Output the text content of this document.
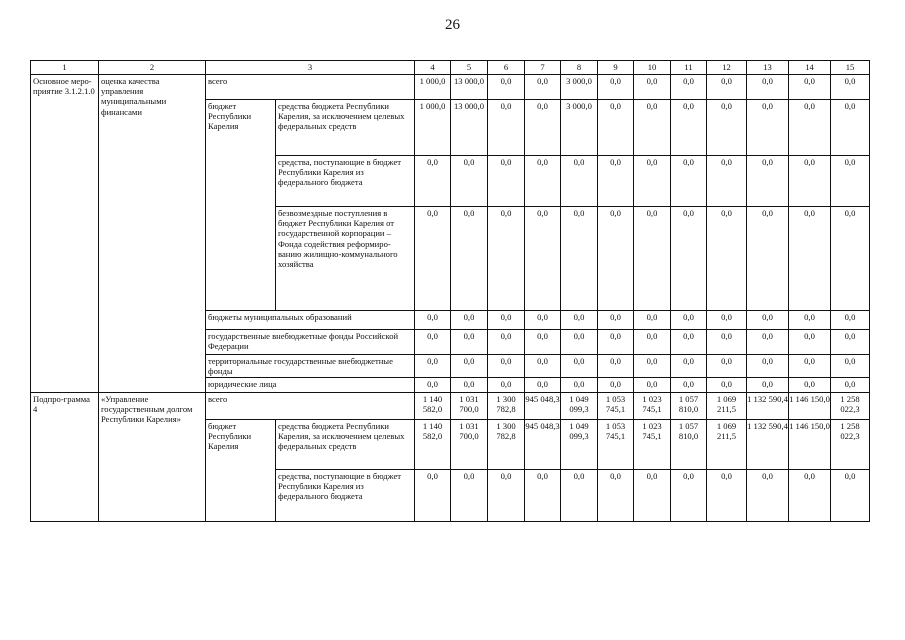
26
1	2	3		4	5	6	7	8	9	10	11	12	13	14	15
Основное меро-приятие 3.1.2.1.0	оценка качества управления муниципальными финансами	всего		1 000,0	13 000,0	0,0	0,0	3 000,0	0,0	0,0	0,0	0,0	0,0	0,0	0,0
		бюджет Республики Карелия	средства бюджета Республики Карелия, за исключением целевых федеральных средств	1 000,0	13 000,0	0,0	0,0	3 000,0	0,0	0,0	0,0	0,0	0,0	0,0	0,0
			средства, поступающие в бюджет Республики Карелия из федерального бюджета	0,0	0,0	0,0	0,0	0,0	0,0	0,0	0,0	0,0	0,0	0,0	0,0
			безвозмездные поступления в бюджет Республики Карелия от государственной корпорации – Фонда содействия реформиро-ванию жилищно-коммунального хозяйства	0,0	0,0	0,0	0,0	0,0	0,0	0,0	0,0	0,0	0,0	0,0	0,0
		бюджеты муниципальных образований		0,0	0,0	0,0	0,0	0,0	0,0	0,0	0,0	0,0	0,0	0,0	0,0
		государственные внебюджетные фонды Российской Федерации		0,0	0,0	0,0	0,0	0,0	0,0	0,0	0,0	0,0	0,0	0,0	0,0
		территориальные государственные внебюджетные фонды		0,0	0,0	0,0	0,0	0,0	0,0	0,0	0,0	0,0	0,0	0,0	0,0
		юридические лица		0,0	0,0	0,0	0,0	0,0	0,0	0,0	0,0	0,0	0,0	0,0	0,0
Подпро-грамма 4	«Управление государственным долгом Республики Карелия»	всего		1 140 582,0	1 031 700,0	1 300 782,8	945 048,3	1 049 099,3	1 053 745,1	1 023 745,1	1 057 810,0	1 069 211,5	1 132 590,4	1 146 150,0	1 258 022,3
		бюджет Республики Карелия	средства бюджета Республики Карелия, за исключением целевых федеральных средств	1 140 582,0	1 031 700,0	1 300 782,8	945 048,3	1 049 099,3	1 053 745,1	1 023 745,1	1 057 810,0	1 069 211,5	1 132 590,4	1 146 150,0	1 258 022,3
			средства, поступающие в бюджет Республики Карелия из федерального бюджета	0,0	0,0	0,0	0,0	0,0	0,0	0,0	0,0	0,0	0,0	0,0	0,0
